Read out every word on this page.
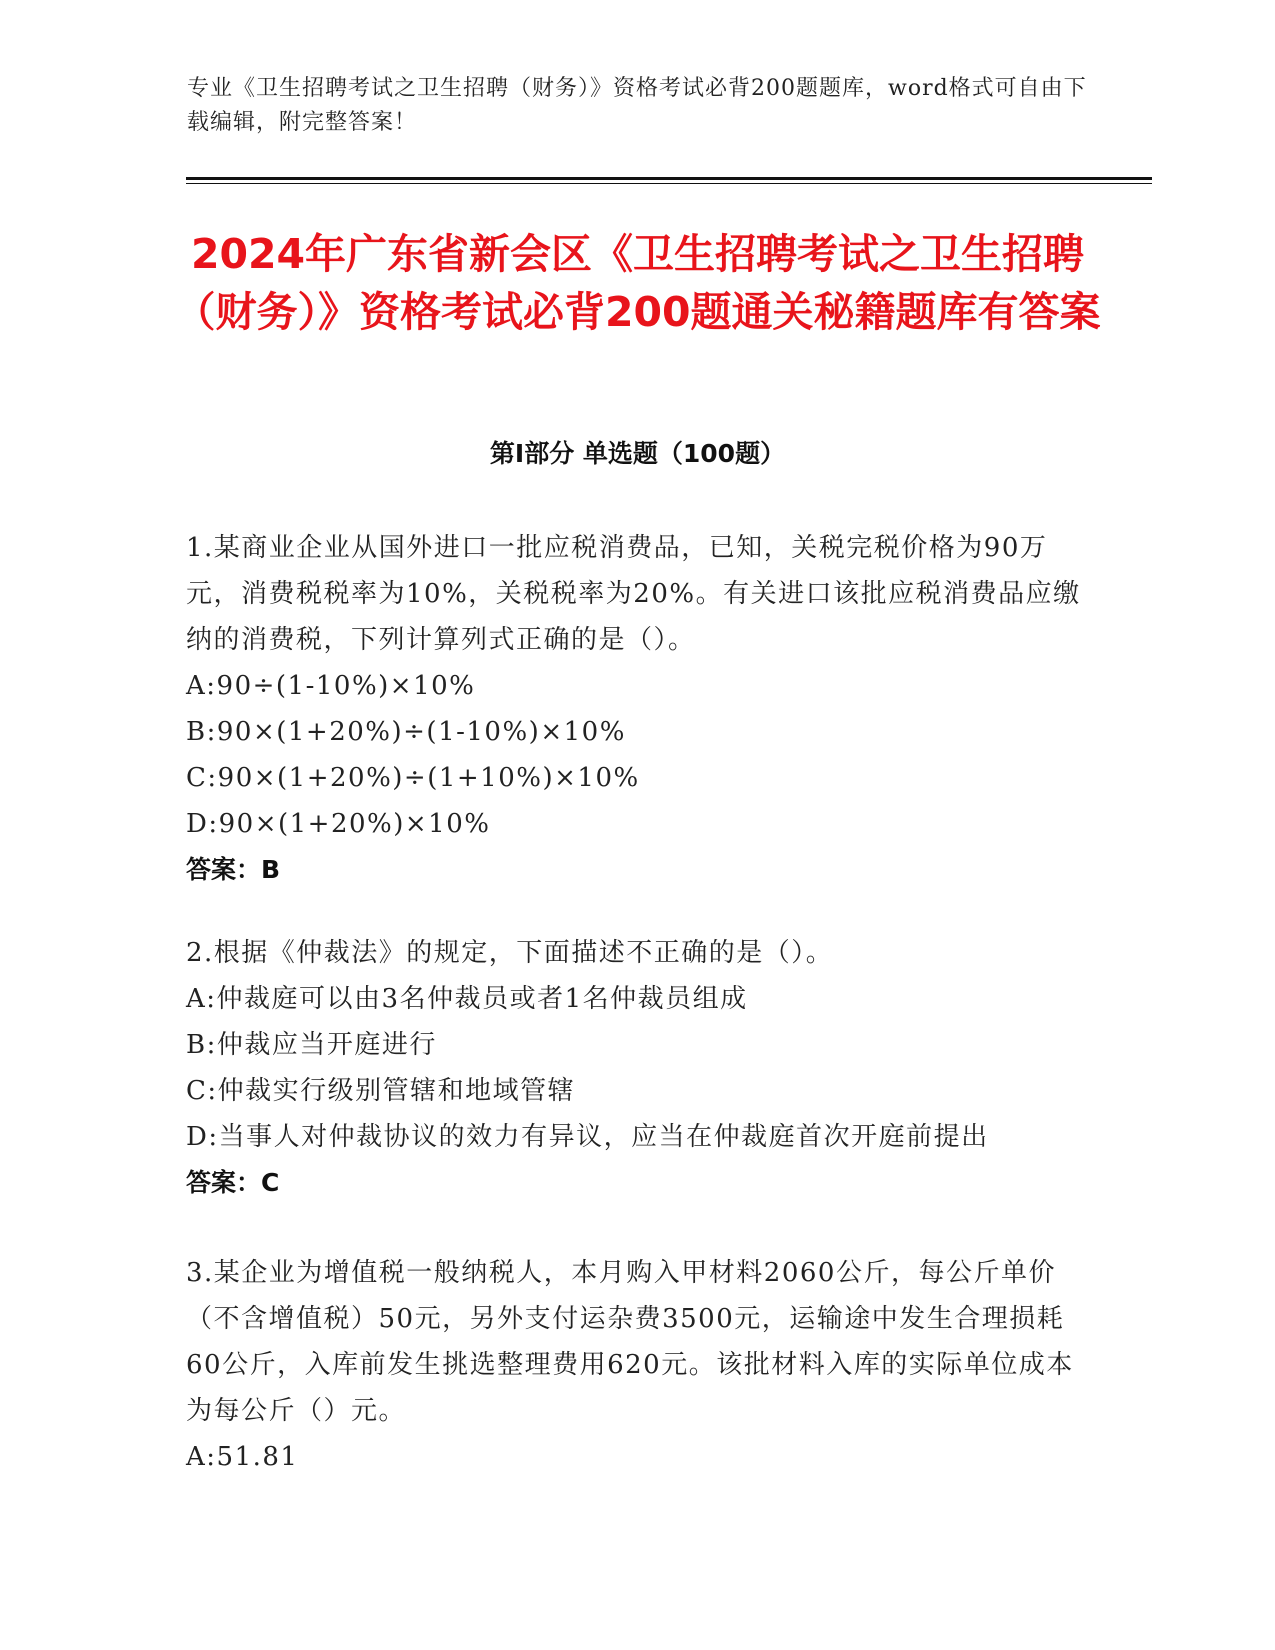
专业《卫生招聘考试之卫生招聘（财务）》资格考试必背200题题库，word格式可自由下载编辑，附完整答案！
2024年广东省新会区《卫生招聘考试之卫生招聘（财务）》资格考试必背200题通关秘籍题库有答案
第I部分 单选题（100题）
1.某商业企业从国外进口一批应税消费品，已知，关税完税价格为90万元，消费税税率为10%，关税税率为20%。有关进口该批应税消费品应缴纳的消费税，下列计算列式正确的是（）。
A:90÷(1-10%)×10%
B:90×(1+20%)÷(1-10%)×10%
C:90×(1+20%)÷(1+10%)×10%
D:90×(1+20%)×10%
答案：B
2.根据《仲裁法》的规定，下面描述不正确的是（）。
A:仲裁庭可以由3名仲裁员或者1名仲裁员组成
B:仲裁应当开庭进行
C:仲裁实行级别管辖和地域管辖
D:当事人对仲裁协议的效力有异议，应当在仲裁庭首次开庭前提出
答案：C
3.某企业为增值税一般纳税人，本月购入甲材料2060公斤，每公斤单价（不含增值税）50元，另外支付运杂费3500元，运输途中发生合理损耗60公斤，入库前发生挑选整理费用620元。该批材料入库的实际单位成本为每公斤（）元。
A:51.81
